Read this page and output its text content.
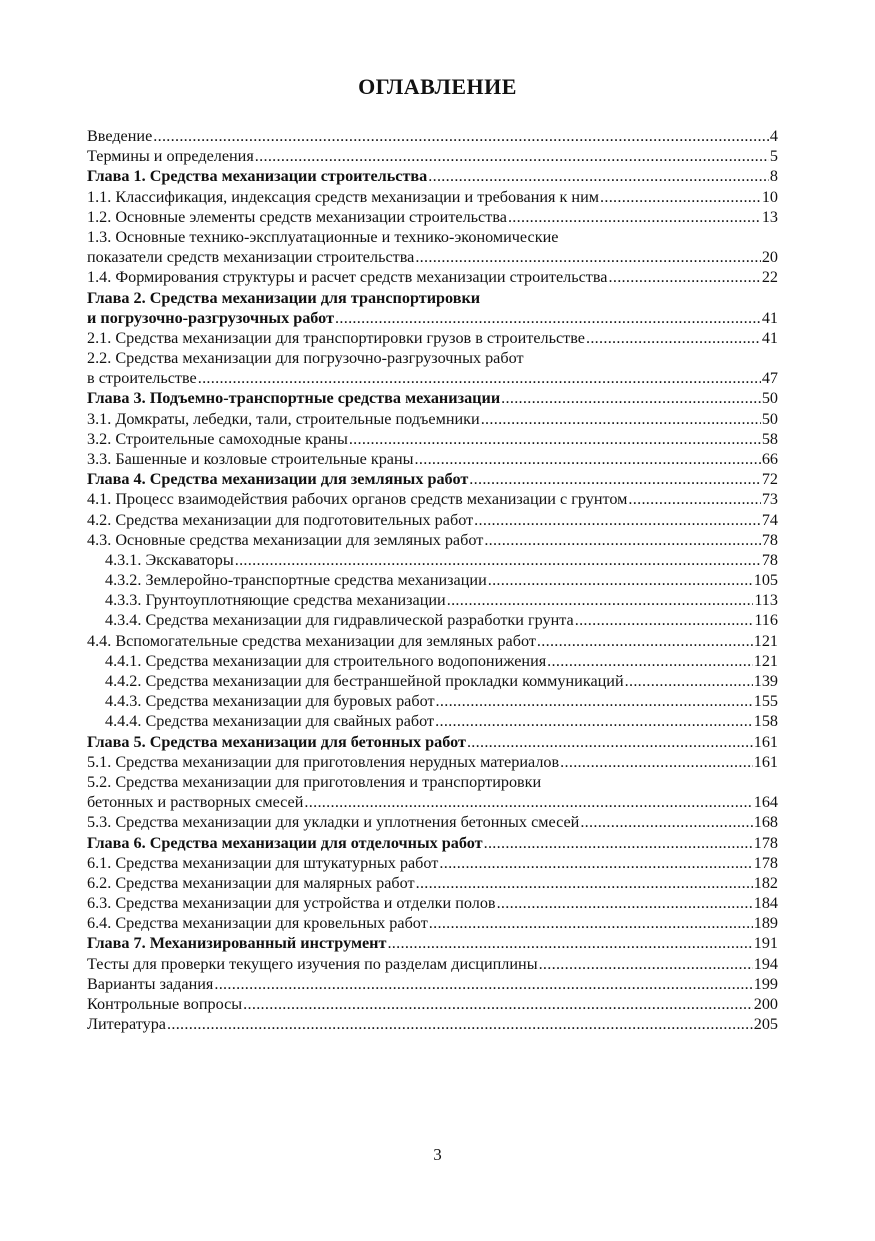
ОГЛАВЛЕНИЕ
Введение .....	4
Термины и определения .....	5
Глава 1. Средства механизации строительства .....	8
1.1. Классификация, индексация средств механизации и требования к ним .....	10
1.2. Основные элементы средств механизации строительства .....	13
1.3. Основные технико-эксплуатационные и технико-экономические
показатели средств механизации строительства .....	20
1.4. Формирования структуры и расчет средств механизации строительства .....	22
Глава 2. Средства механизации для транспортировки
и погрузочно-разгрузочных работ .....	41
2.1. Средства механизации для транспортировки грузов в строительстве .....	41
2.2. Средства механизации для погрузочно-разгрузочных работ
в строительстве .....	47
Глава 3. Подъемно-транспортные средства механизации .....	50
3.1. Домкраты, лебедки, тали, строительные подъемники .....	50
3.2. Строительные самоходные краны .....	58
3.3. Башенные и козловые строительные краны .....	66
Глава 4. Средства механизации для земляных работ .....	72
4.1. Процесс взаимодействия рабочих органов средств механизации с грунтом .....	73
4.2. Средства механизации для подготовительных работ .....	74
4.3. Основные средства механизации для земляных работ .....	78
4.3.1. Экскаваторы .....	78
4.3.2. Землеройно-транспортные средства механизации .....	105
4.3.3. Грунтоуплотняющие средства механизации .....	113
4.3.4. Средства механизации для гидравлической разработки грунта .....	116
4.4. Вспомогательные средства механизации для земляных работ .....	121
4.4.1. Средства механизации для строительного водопонижения .....	121
4.4.2. Средства механизации для бестраншейной прокладки коммуникаций .....	139
4.4.3. Средства механизации для буровых работ .....	155
4.4.4. Средства механизации для свайных работ .....	158
Глава 5. Средства механизации для бетонных работ .....	161
5.1. Средства механизации для приготовления нерудных материалов .....	161
5.2. Средства механизации для приготовления и транспортировки
бетонных и растворных смесей .....	164
5.3. Средства механизации для укладки и уплотнения бетонных смесей .....	168
Глава 6. Средства механизации для отделочных работ .....	178
6.1. Средства механизации для штукатурных работ .....	178
6.2. Средства механизации для малярных работ .....	182
6.3. Средства механизации для устройства и отделки полов .....	184
6.4. Средства механизации для кровельных работ .....	189
Глава 7. Механизированный инструмент .....	191
Тесты для проверки текущего изучения по разделам дисциплины .....	194
Варианты задания .....	199
Контрольные вопросы .....	200
Литература .....	205
3
